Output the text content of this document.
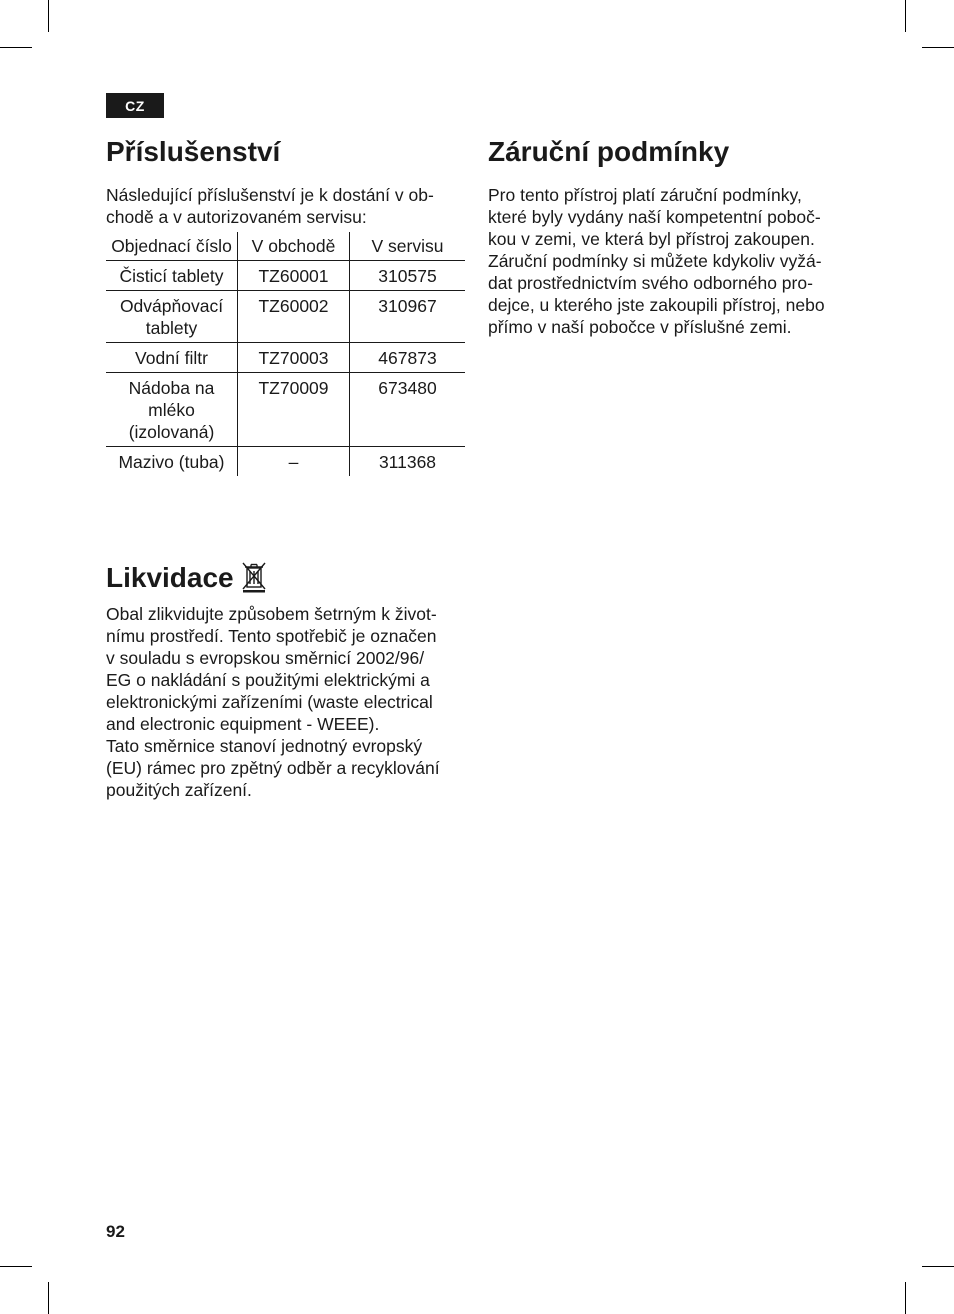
CZ
Příslušenství

Následující příslušenství je k dostání v ob-
chodě a v autorizovaném servisu:

Objednací číslo	V obchodě	V servisu
Čisticí tablety	TZ60001	310575
Odvápňovací tablety	TZ60002	310967
Vodní filtr	TZ70003	467873
Nádoba na mléko (izolovaná)	TZ70009	673480
Mazivo (tuba)	–	311368
Likvidace

Obal zlikvidujte způsobem šetrným k život-
nímu prostředí. Tento spotřebič je označen
v souladu s evropskou směrnicí 2002/96/
EG o nakládání s použitými elektrickými a
elektronickými zařízeními (waste electrical
and electronic equipment - WEEE).

Tato směrnice stanoví jednotný evropský
(EU) rámec pro zpětný odběr a recyklování
použitých zařízení.

Záruční podmínky

Pro tento přístroj platí záruční podmínky,
které byly vydány naší kompetentní poboč-
kou v zemi, ve která byl přístroj zakoupen.
Záruční podmínky si můžete kdykoliv vyžá-
dat prostřednictvím svého odborného pro-
dejce, u kterého jste zakoupili přístroj, nebo
přímo v naší pobočce v příslušné zemi.

92
